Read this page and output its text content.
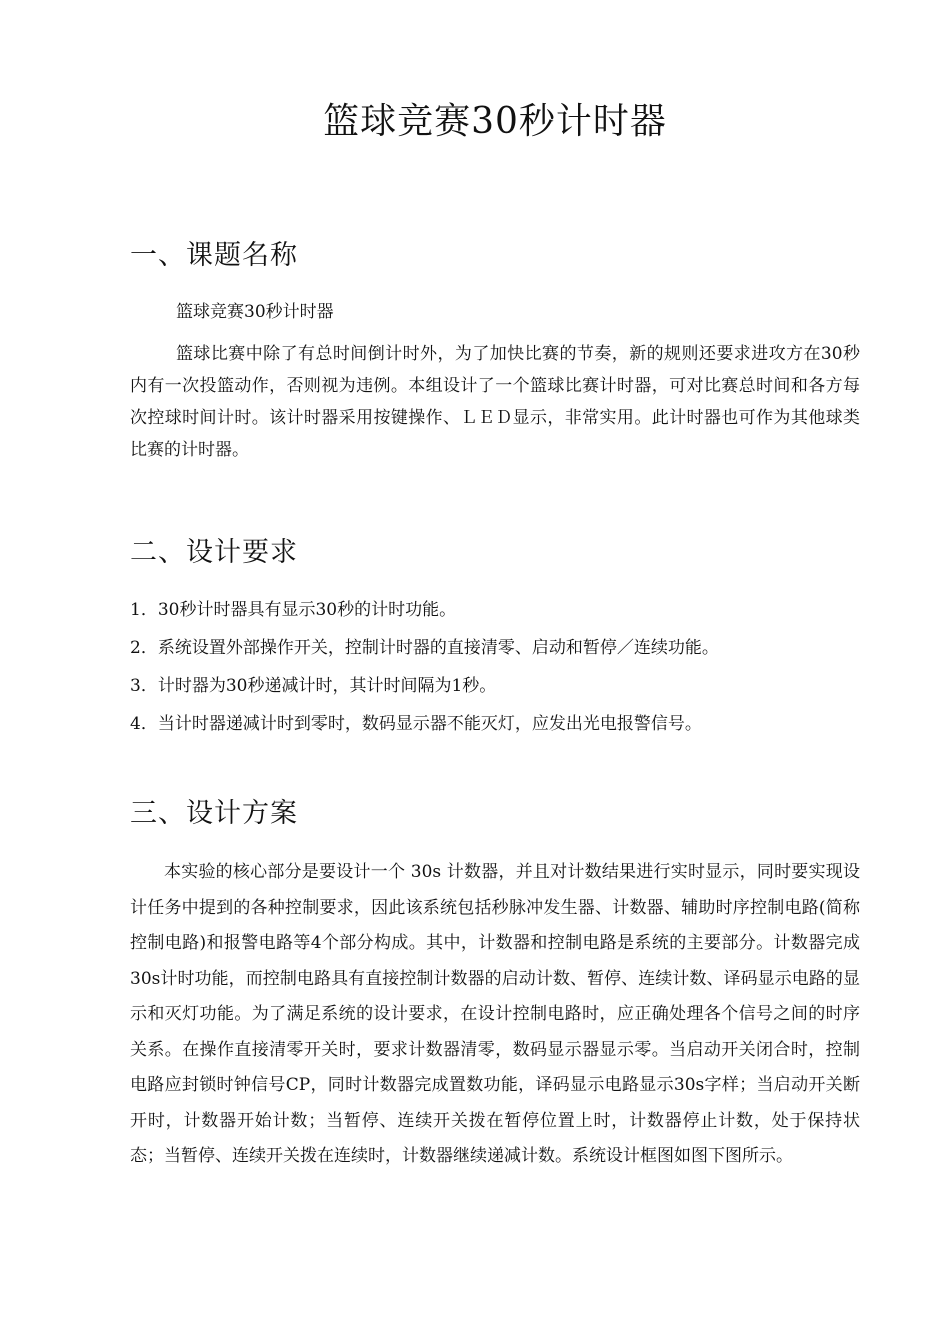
篮球竞赛30秒计时器
一、课题名称

篮球竞赛30秒计时器

篮球比赛中除了有总时间倒计时外，为了加快比赛的节奏，新的规则还要求进攻方在30秒内有一次投篮动作，否则视为违例。本组设计了一个篮球比赛计时器，可对比赛总时间和各方每次控球时间计时。该计时器采用按键操作、ＬＥＤ显示，非常实用。此计时器也可作为其他球类比赛的计时器。

二、设计要求

1．30秒计时器具有显示30秒的计时功能。

2．系统设置外部操作开关，控制计时器的直接清零、启动和暂停／连续功能。

3．计时器为30秒递减计时，其计时间隔为1秒。

4．当计时器递减计时到零时，数码显示器不能灭灯，应发出光电报警信号。

三、设计方案

本实验的核心部分是要设计一个 30s 计数器，并且对计数结果进行实时显示，同时要实现设计任务中提到的各种控制要求，因此该系统包括秒脉冲发生器、计数器、辅助时序控制电路(简称控制电路)和报警电路等4个部分构成。其中，计数器和控制电路是系统的主要部分。计数器完成30s计时功能，而控制电路具有直接控制计数器的启动计数、暂停、连续计数、译码显示电路的显示和灭灯功能。为了满足系统的设计要求，在设计控制电路时，应正确处理各个信号之间的时序关系。在操作直接清零开关时，要求计数器清零，数码显示器显示零。当启动开关闭合时，控制电路应封锁时钟信号CP，同时计数器完成置数功能，译码显示电路显示30s字样；当启动开关断开时，计数器开始计数；当暂停、连续开关拨在暂停位置上时，计数器停止计数，处于保持状态；当暂停、连续开关拨在连续时，计数器继续递减计数。系统设计框图如图下图所示。
